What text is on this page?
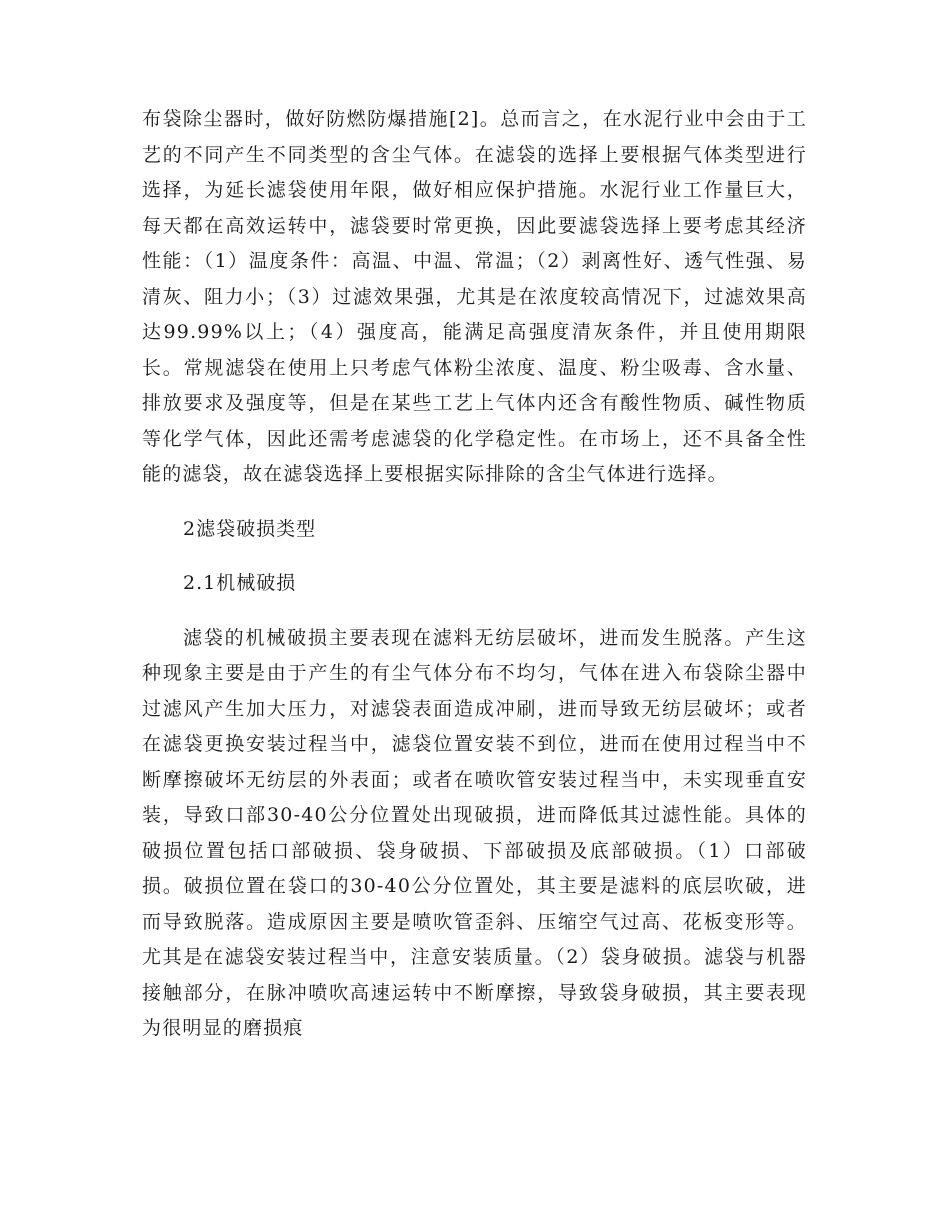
布袋除尘器时，做好防燃防爆措施[2]。总而言之，在水泥行业中会由于工艺的不同产生不同类型的含尘气体。在滤袋的选择上要根据气体类型进行选择，为延长滤袋使用年限，做好相应保护措施。水泥行业工作量巨大，每天都在高效运转中，滤袋要时常更换，因此要滤袋选择上要考虑其经济性能：（1）温度条件：高温、中温、常温；（2）剥离性好、透气性强、易清灰、阻力小；（3）过滤效果强，尤其是在浓度较高情况下，过滤效果高达99.99%以上；（4）强度高，能满足高强度清灰条件，并且使用期限长。常规滤袋在使用上只考虑气体粉尘浓度、温度、粉尘吸毒、含水量、排放要求及强度等，但是在某些工艺上气体内还含有酸性物质、碱性物质等化学气体，因此还需考虑滤袋的化学稳定性。在市场上，还不具备全性能的滤袋，故在滤袋选择上要根据实际排除的含尘气体进行选择。

2滤袋破损类型

2.1机械破损

滤袋的机械破损主要表现在滤料无纺层破坏，进而发生脱落。产生这种现象主要是由于产生的有尘气体分布不均匀，气体在进入布袋除尘器中过滤风产生加大压力，对滤袋表面造成冲刷，进而导致无纺层破坏；或者在滤袋更换安装过程当中，滤袋位置安装不到位，进而在使用过程当中不断摩擦破坏无纺层的外表面；或者在喷吹管安装过程当中，未实现垂直安装，导致口部30-40公分位置处出现破损，进而降低其过滤性能。具体的破损位置包括口部破损、袋身破损、下部破损及底部破损。（1）口部破损。破损位置在袋口的30-40公分位置处，其主要是滤料的底层吹破，进而导致脱落。造成原因主要是喷吹管歪斜、压缩空气过高、花板变形等。尤其是在滤袋安装过程当中，注意安装质量。（2）袋身破损。滤袋与机器接触部分，在脉冲喷吹高速运转中不断摩擦，导致袋身破损，其主要表现为很明显的磨损痕
